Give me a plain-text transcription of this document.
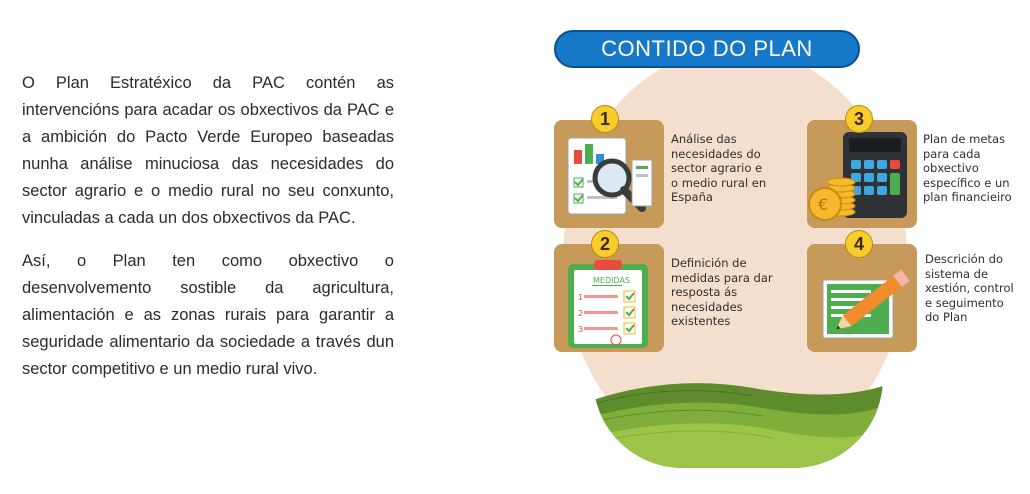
O Plan Estratéxico da PAC contén as intervencións para acadar os obxectivos da PAC e a ambición do Pacto Verde Europeo baseadas nunha análise minuciosa das necesidades do sector agrario e o medio rural no seu conxunto, vinculadas a cada un dos obxectivos da PAC.

Así, o Plan ten como obxectivo o desenvolvemento sostible da agricultura, alimentación e as zonas rurais para garantir a seguridade alimentario da sociedade a través dun sector competitivo e un medio rural vivo.

CONTIDO DO PLAN
1
Análise das necesidades do sector agrario e o medio rural en España
MEDIDAS
1
2
3
2
Definición de medidas para dar resposta ás necesidades existentes
€
3
Plan de metas para cada obxectivo específico e un plan financieiro
4
Descrición do sistema de xestión, control e seguimento do Plan
